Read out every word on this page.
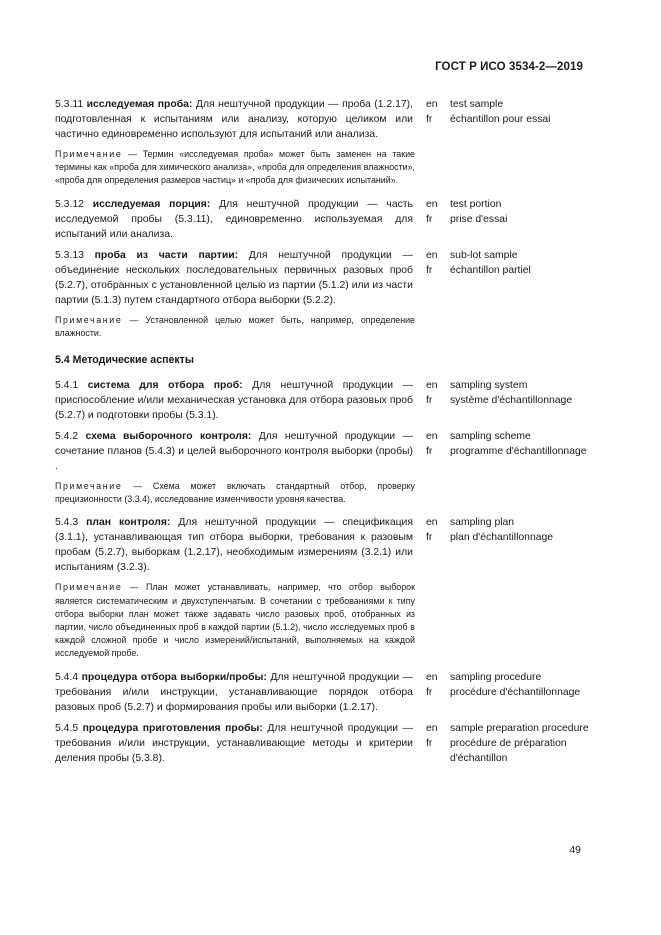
ГОСТ Р ИСО 3534-2—2019
5.3.11 исследуемая проба: Для нештучной продукции — проба (1.2.17), подготовленная к испытаниям или анализу, которую целиком или частично единовременно используют для испытаний или анализа.
en	test sample
fr	échantillon pour essai
Примечание — Термин «исследуемая проба» может быть заменен на такие термины как «проба для химического анализа», «проба для определения влажности», «проба для определения размеров частиц» и «проба для физических испытаний».
5.3.12 исследуемая порция: Для нештучной продукции — часть исследуемой пробы (5.3.11), единовременно используемая для испытаний или анализа.
en	test portion
fr	prise d'essai
5.3.13 проба из части партии: Для нештучной продукции — объединение нескольких последовательных первичных разовых проб (5.2.7), отобранных с установленной целью из партии (5.1.2) или из части партии (5.1.3) путем стандартного отбора выборки (5.2.2).
en	sub-lot sample
fr	échantillon partiel
Примечание — Установленной целью может быть, например, определение влажности.
5.4 Методические аспекты
5.4.1 система для отбора проб: Для нештучной продукции — приспособление и/или механическая установка для отбора разовых проб (5.2.7) и подготовки пробы (5.3.1).
en	sampling system
fr	système d'échantillonnage
5.4.2 схема выборочного контроля: Для нештучной продукции — сочетание планов (5.4.3) и целей выборочного контроля выборки (пробы) .
en	sampling scheme
fr	programme d'échantillonnage
Примечание — Схема может включать стандартный отбор, проверку прецизионности (3.3.4), исследование изменчивости уровня качества.
5.4.3 план контроля: Для нештучной продукции — спецификация (3.1.1), устанавливающая тип отбора выборки, требования к разовым пробам (5.2.7), выборкам (1.2.17), необходимым измерениям (3.2.1) или испытаниям (3.2.3).
en	sampling plan
fr	plan d'échantillonnage
Примечание — План может устанавливать, например, что отбор выборок является систематическим и двухступенчатым. В сочетании с требованиями к типу отбора выборки план может также задавать число разовых проб, отобранных из партии, число объединенных проб в каждой партии (5.1.2), число исследуемых проб в каждой сложной пробе и число измерений/испытаний, выполняемых на каждой исследуемой пробе.
5.4.4 процедура отбора выборки/пробы: Для нештучной продукции — требования и/или инструкции, устанавливающие порядок отбора разовых проб (5.2.7) и формирования пробы или выборки (1.2.17).
en	sampling procedure
fr	procédure d'échantillonnage
5.4.5 процедура приготовления пробы: Для нештучной продукции — требования и/или инструкции, устанавливающие методы и критерии деления пробы (5.3.8).
en	sample preparation procedure
fr	procédure de préparation d'échantillon
49
